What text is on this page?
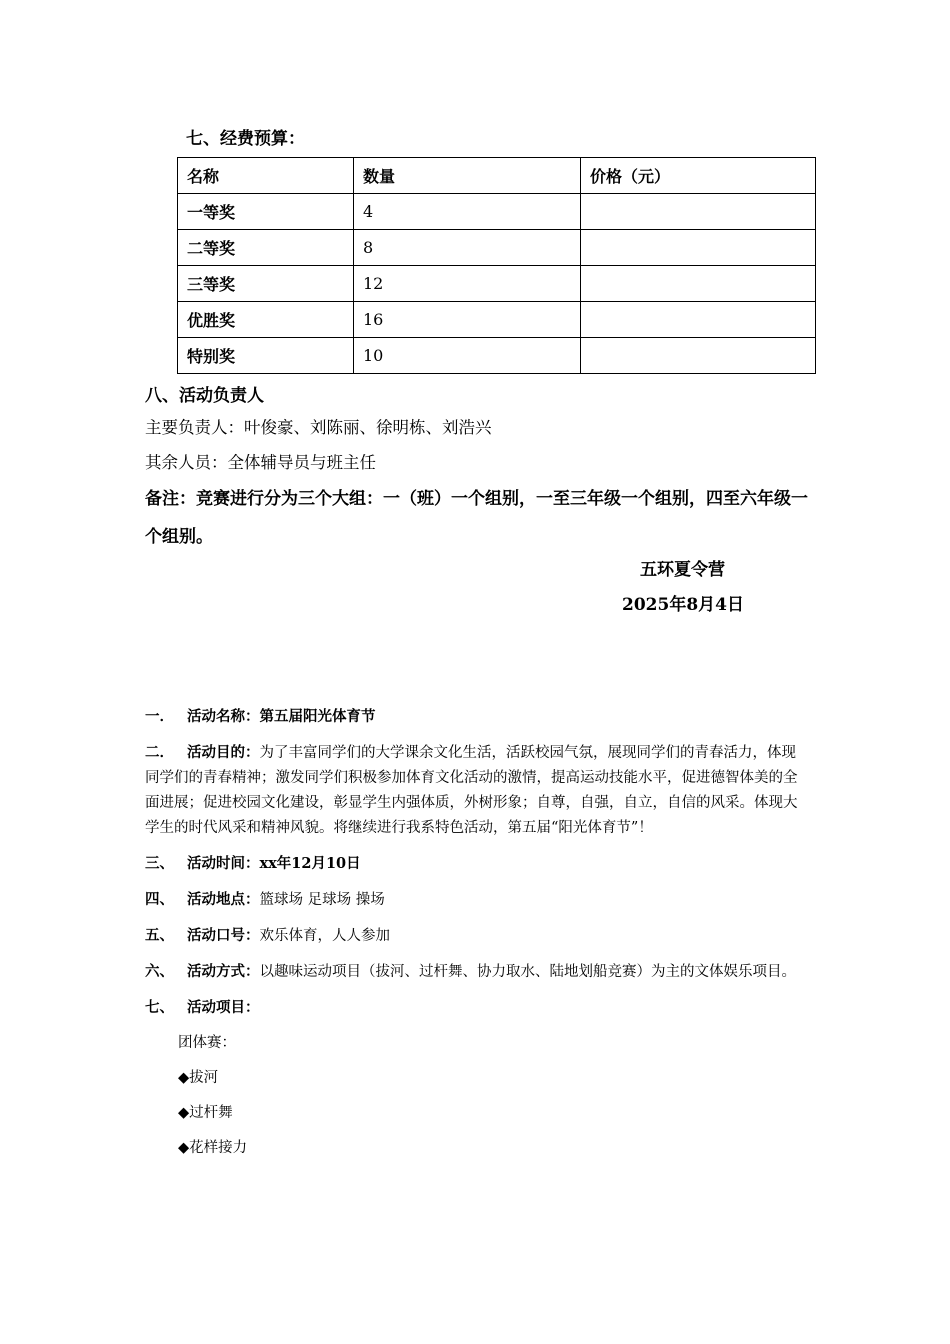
七、经费预算：
名称	数量	价格（元）
一等奖	4	
二等奖	8	
三等奖	12	
优胜奖	16	
特别奖	10	
八、活动负责人
主要负责人：叶俊豪、刘陈丽、徐明栋、刘浩兴
其余人员：全体辅导员与班主任
备注：竞赛进行分为三个大组：一（班）一个组别，一至三年级一个组别，四至六年级一个组别。
五环夏令营
2025年8月4日

一． 活动名称：第五届阳光体育节

二． 活动目的：为了丰富同学们的大学课余文化生活，活跃校园气氛，展现同学们的青春活力，体现同学们的青春精神；激发同学们积极参加体育文化活动的激情，提高运动技能水平，促进德智体美的全面进展；促进校园文化建设，彰显学生内强体质，外树形象；自尊，自强，自立，自信的风采。体现大学生的时代风采和精神风貌。将继续进行我系特色活动，第五届“阳光体育节”！

三、 活动时间：xx年12月10日

四、 活动地点：篮球场 足球场 操场

五、 活动口号：欢乐体育，人人参加

六、 活动方式：以趣味运动项目（拔河、过杆舞、协力取水、陆地划船竞赛）为主的文体娱乐项目。

七、 活动项目：

团体赛：

◆拔河

◆过杆舞

◆花样接力
